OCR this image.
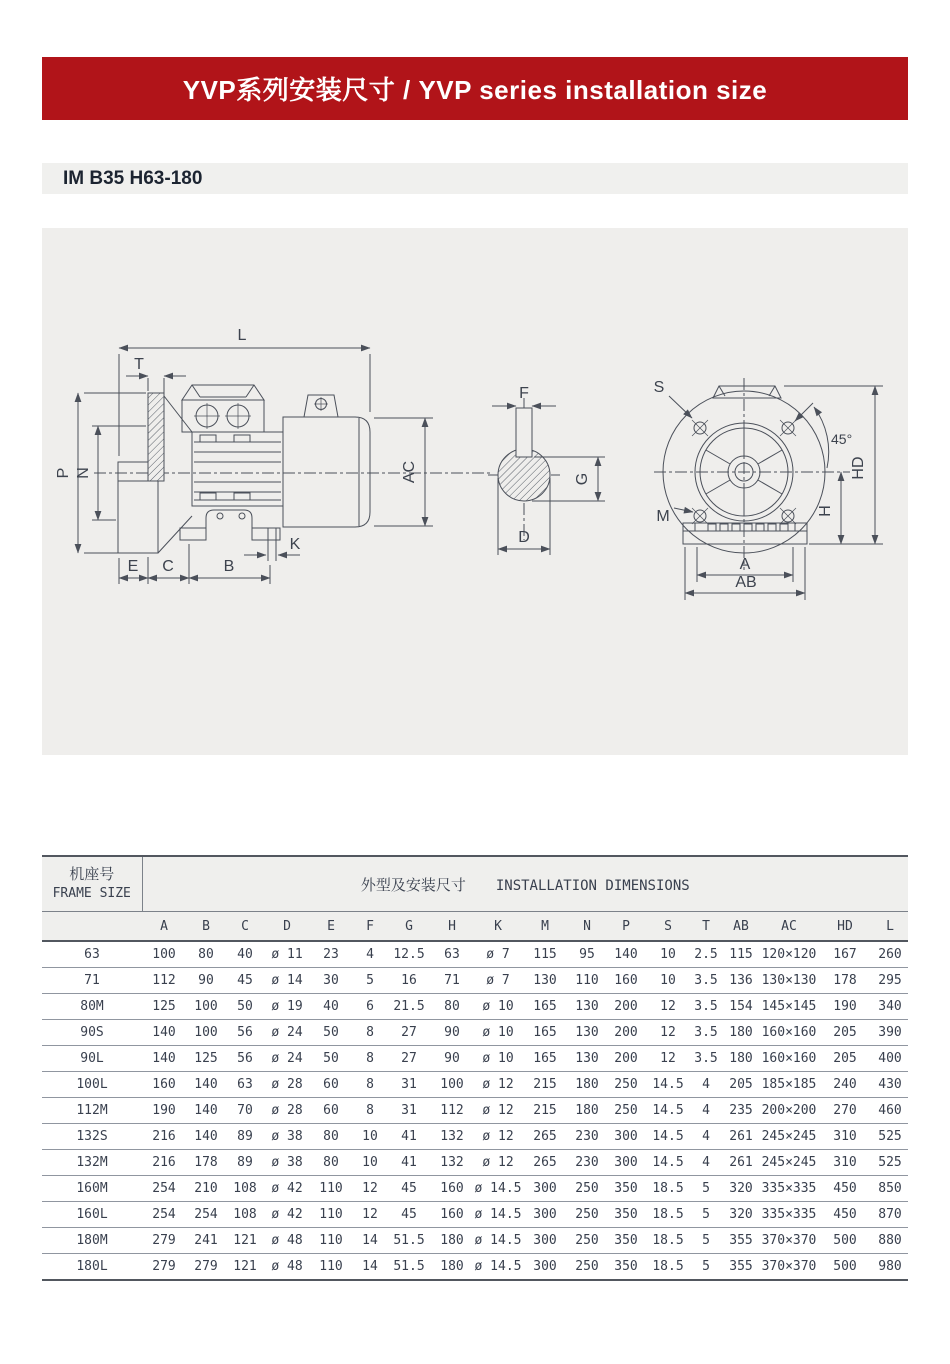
YVP系列安装尺寸 / YVP series installation size
IM B35 H63-180
L
T
P N	AC
E C	B
K
F
G
D
S
M
45°
HD
H
A
AB
机座号
FRAME SIZE	外型及安装尺寸 INSTALLATION DIMENSIONS																	
	A	B	C	D	E	F	G	H	K	M	N	P	S	T	AB	AC	HD	L
63	100	80	40	ø 11	23	4	12.5	63	ø 7	115	95	140	10	2.5	115	120×120	167	260
71	112	90	45	ø 14	30	5	16	71	ø 7	130	110	160	10	3.5	136	130×130	178	295
80M	125	100	50	ø 19	40	6	21.5	80	ø 10	165	130	200	12	3.5	154	145×145	190	340
90S	140	100	56	ø 24	50	8	27	90	ø 10	165	130	200	12	3.5	180	160×160	205	390
90L	140	125	56	ø 24	50	8	27	90	ø 10	165	130	200	12	3.5	180	160×160	205	400
100L	160	140	63	ø 28	60	8	31	100	ø 12	215	180	250	14.5	4	205	185×185	240	430
112M	190	140	70	ø 28	60	8	31	112	ø 12	215	180	250	14.5	4	235	200×200	270	460
132S	216	140	89	ø 38	80	10	41	132	ø 12	265	230	300	14.5	4	261	245×245	310	525
132M	216	178	89	ø 38	80	10	41	132	ø 12	265	230	300	14.5	4	261	245×245	310	525
160M	254	210	108	ø 42	110	12	45	160	ø 14.5	300	250	350	18.5	5	320	335×335	450	850
160L	254	254	108	ø 42	110	12	45	160	ø 14.5	300	250	350	18.5	5	320	335×335	450	870
180M	279	241	121	ø 48	110	14	51.5	180	ø 14.5	300	250	350	18.5	5	355	370×370	500	880
180L	279	279	121	ø 48	110	14	51.5	180	ø 14.5	300	250	350	18.5	5	355	370×370	500	980
